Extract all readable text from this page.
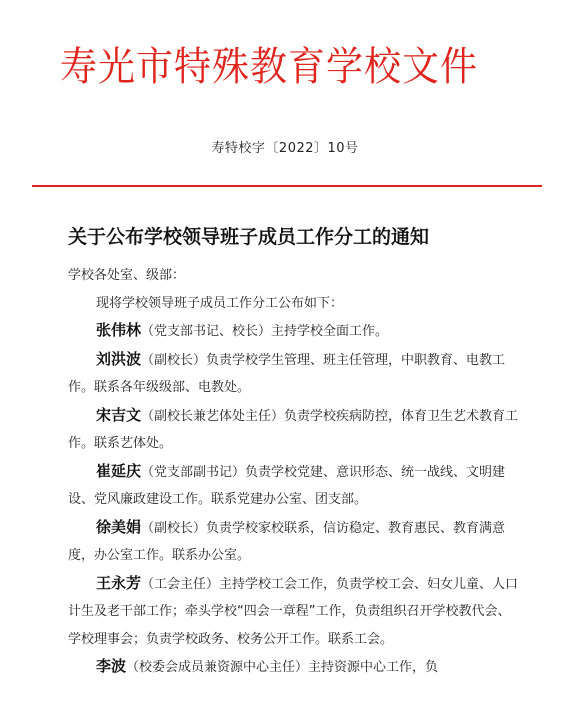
寿光市特殊教育学校文件
寿特校字〔2022〕10号
关于公布学校领导班子成员工作分工的通知

学校各处室、级部：

现将学校领导班子成员工作分工公布如下：

张伟林（党支部书记、校长）主持学校全面工作。

刘洪波（副校长）负责学校学生管理、班主任管理，中职教育、电教工作。联系各年级级部、电教处。

宋吉文（副校长兼艺体处主任）负责学校疾病防控，体育卫生艺术教育工作。联系艺体处。

崔延庆（党支部副书记）负责学校党建、意识形态、统一战线、文明建设、党风廉政建设工作。联系党建办公室、团支部。

徐美娟（副校长）负责学校家校联系，信访稳定、教育惠民、教育满意度，办公室工作。联系办公室。

王永芳（工会主任）主持学校工会工作，负责学校工会、妇女儿童、人口计生及老干部工作；牵头学校“四会一章程”工作，负责组织召开学校教代会、学校理事会；负责学校政务、校务公开工作。联系工会。

李波（校委会成员兼资源中心主任）主持资源中心工作，负
